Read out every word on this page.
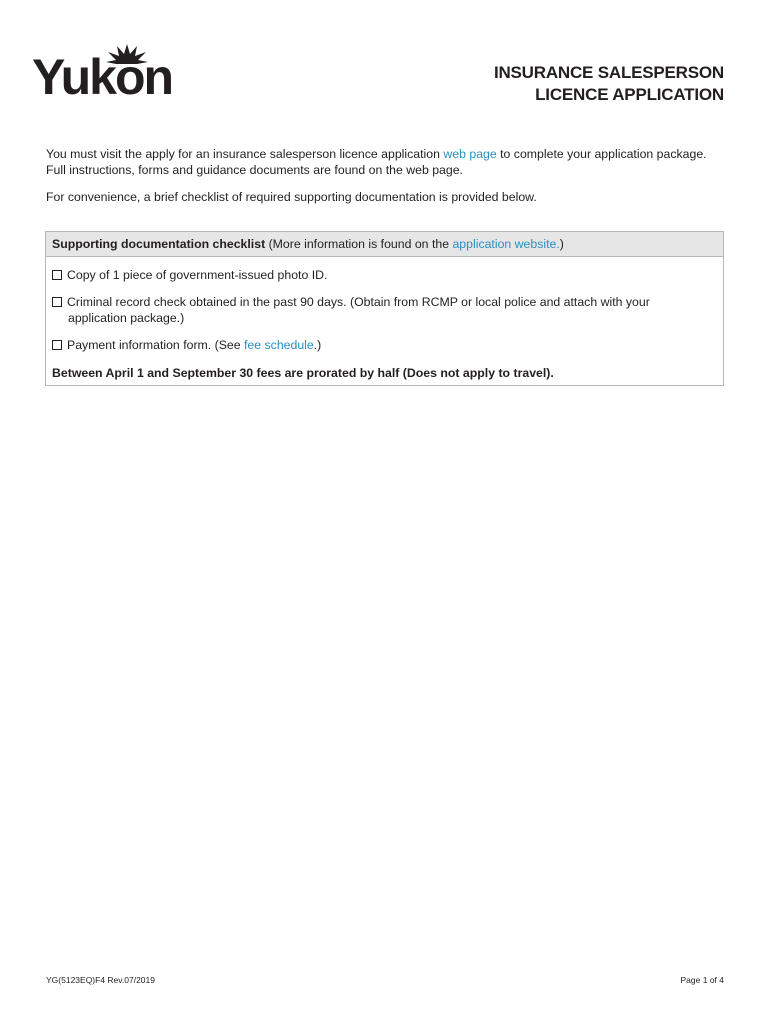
Yukon	INSURANCE SALESPERSON
LICENCE APPLICATION

You must visit the apply for an insurance salesperson licence application web page to complete your application package. Full instructions, forms and guidance documents are found on the web page.

For convenience, a brief checklist of required supporting documentation is provided below.

Supporting documentation checklist (More information is found on the application website.)
Copy of 1 piece of government-issued photo ID.
Criminal record check obtained in the past 90 days. (Obtain from RCMP or local police and attach with your
application package.)
Payment information form. (See fee schedule.)
Between April 1 and September 30 fees are prorated by half (Does not apply to travel).
YG(5123EQ)F4 Rev.07/2019	Page 1 of 4
